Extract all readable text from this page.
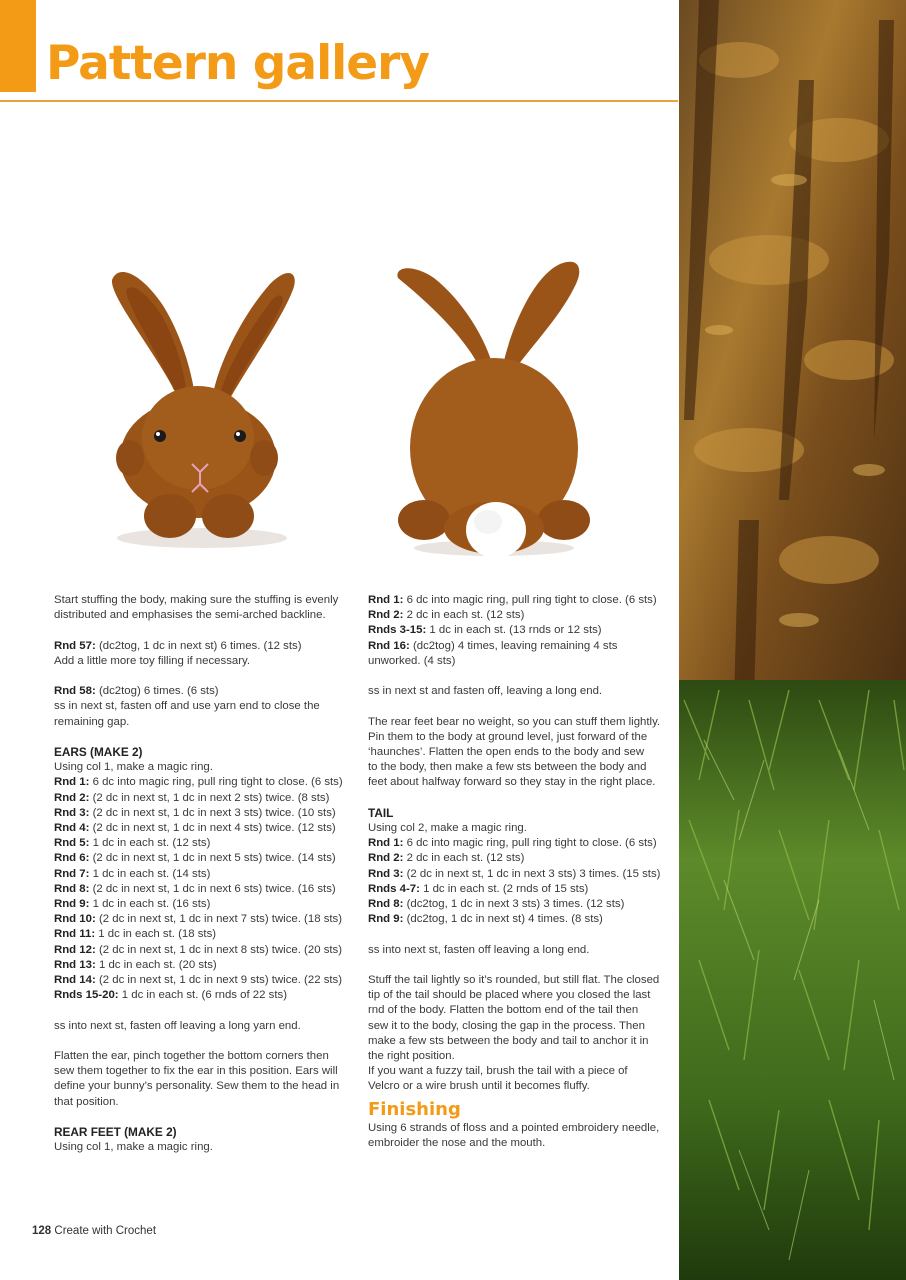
Pattern gallery

Start stuffing the body, making sure the stuffing is evenly
distributed and emphasises the semi-arched backline.

Rnd 57: (dc2tog, 1 dc in next st) 6 times. (12 sts)
Add a little more toy filling if necessary.

Rnd 58: (dc2tog) 6 times. (6 sts)
ss in next st, fasten off and use yarn end to close the
remaining gap.

EARS (MAKE 2)
Using col 1, make a magic ring.
Rnd 1: 6 dc into magic ring, pull ring tight to close. (6 sts)
Rnd 2: (2 dc in next st, 1 dc in next 2 sts) twice. (8 sts)
Rnd 3: (2 dc in next st, 1 dc in next 3 sts) twice. (10 sts)
Rnd 4: (2 dc in next st, 1 dc in next 4 sts) twice. (12 sts)
Rnd 5: 1 dc in each st. (12 sts)
Rnd 6: (2 dc in next st, 1 dc in next 5 sts) twice. (14 sts)
Rnd 7: 1 dc in each st. (14 sts)
Rnd 8: (2 dc in next st, 1 dc in next 6 sts) twice. (16 sts)
Rnd 9: 1 dc in each st. (16 sts)
Rnd 10: (2 dc in next st, 1 dc in next 7 sts) twice. (18 sts)
Rnd 11: 1 dc in each st. (18 sts)
Rnd 12: (2 dc in next st, 1 dc in next 8 sts) twice. (20 sts)
Rnd 13: 1 dc in each st. (20 sts)
Rnd 14: (2 dc in next st, 1 dc in next 9 sts) twice. (22 sts)
Rnds 15-20: 1 dc in each st. (6 rnds of 22 sts)

ss into next st, fasten off leaving a long yarn end.

Flatten the ear, pinch together the bottom corners then
sew them together to fix the ear in this position. Ears will
define your bunny’s personality. Sew them to the head in
that position.

REAR FEET (MAKE 2)
Using col 1, make a magic ring.
Rnd 1: 6 dc into magic ring, pull ring tight to close. (6 sts)
Rnd 2: 2 dc in each st. (12 sts)
Rnds 3-15: 1 dc in each st. (13 rnds or 12 sts)
Rnd 16: (dc2tog) 4 times, leaving remaining 4 sts
unworked. (4 sts)

ss in next st and fasten off, leaving a long end.

The rear feet bear no weight, so you can stuff them lightly.
Pin them to the body at ground level, just forward of the
‘haunches’. Flatten the open ends to the body and sew
to the body, then make a few sts between the body and
feet about halfway forward so they stay in the right place.

TAIL
Using col 2, make a magic ring.
Rnd 1: 6 dc into magic ring, pull ring tight to close. (6 sts)
Rnd 2: 2 dc in each st. (12 sts)
Rnd 3: (2 dc in next st, 1 dc in next 3 sts) 3 times. (15 sts)
Rnds 4-7: 1 dc in each st. (2 rnds of 15 sts)
Rnd 8: (dc2tog, 1 dc in next 3 sts) 3 times. (12 sts)
Rnd 9: (dc2tog, 1 dc in next st) 4 times. (8 sts)

ss into next st, fasten off leaving a long end.

Stuff the tail lightly so it’s rounded, but still flat. The closed
tip of the tail should be placed where you closed the last
rnd of the body. Flatten the bottom end of the tail then
sew it to the body, closing the gap in the process. Then
make a few sts between the body and tail to anchor it in
the right position.
If you want a fuzzy tail, brush the tail with a piece of
Velcro or a wire brush until it becomes fluffy.
Finishing
Using 6 strands of floss and a pointed embroidery needle,
embroider the nose and the mouth.
128 Create with Crochet
